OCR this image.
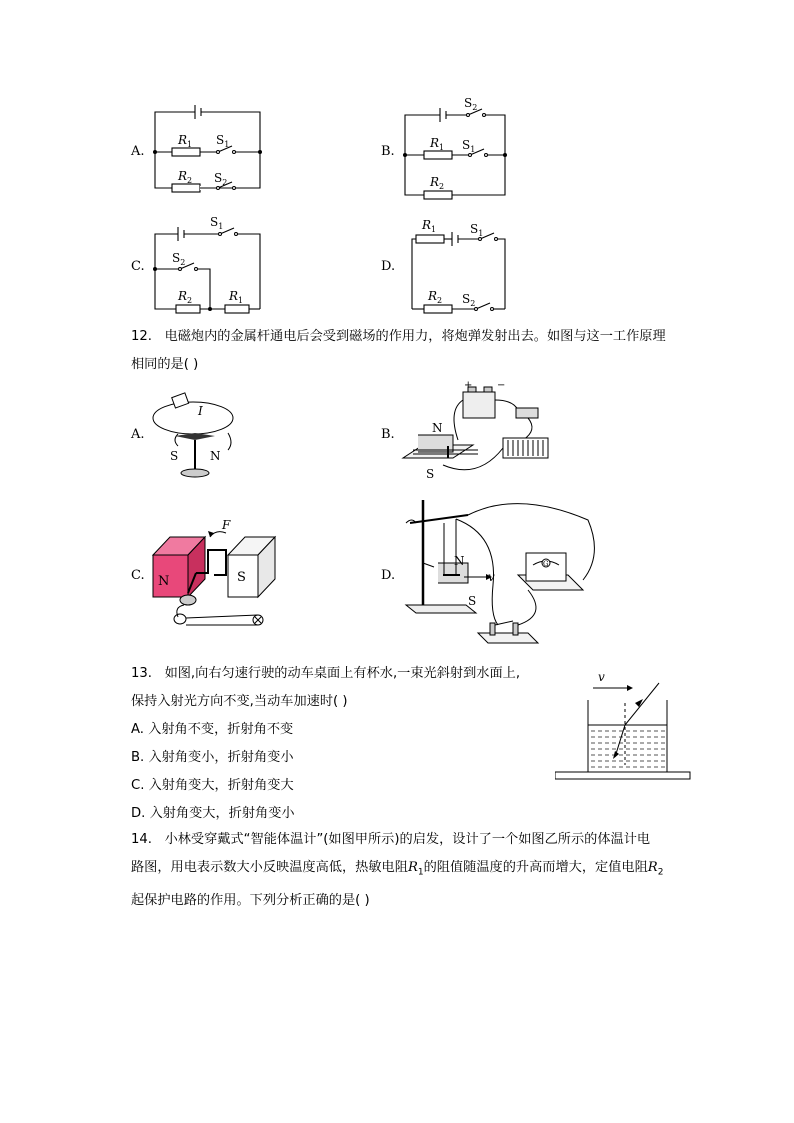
A.
$R_1$ $S_1$
$R_2$ $S_2$
B.
$S_2$
$R_1$ $S_1$
$R_2$
C.
$S_1$
$S_2$
$R_2$	$R_1$
D.
$R_1$	$S_1$
$R_2$ $S_2$
12. 电磁炮内的金属杆通电后会受到磁场的作用力，将炮弹发射出去。如图与这一工作原理
相同的是( )
A.
I
S	N
B.
+ −
N
S
C.
F
N	S	D.
G
N
v
S
13. 如图,向右匀速行驶的动车桌面上有杯水,一束光斜射到水面上,
保持入射光方向不变,当动车加速时( )
A. 入射角不变，折射角不变
B. 入射角变小，折射角变小
C. 入射角变大，折射角变大
D. 入射角变大，折射角变小
v
14. 小林受穿戴式“智能体温计”(如图甲所示)的启发，设计了一个如图乙所示的体温计电
路图，用电表示数大小反映温度高低，热敏电阻$R_1$的阻值随温度的升高而增大，定值电阻$R_2$
起保护电路的作用。下列分析正确的是( )
